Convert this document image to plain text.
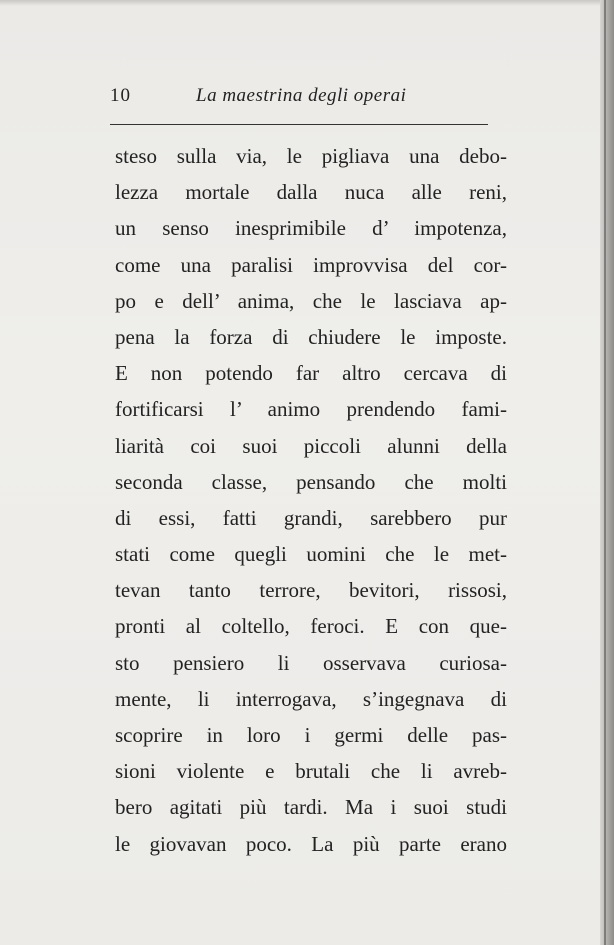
10	La maestrina degli operai
steso sulla via, le pigliava una debo-
lezza mortale dalla nuca alle reni,
un senso inesprimibile d’ impotenza,
come una paralisi improvvisa del cor-
po e dell’ anima, che le lasciava ap-
pena la forza di chiudere le imposte.
E non potendo far altro cercava di
fortificarsi l’ animo prendendo fami-
liarità coi suoi piccoli alunni della
seconda classe, pensando che molti
di essi, fatti grandi, sarebbero pur
stati come quegli uomini che le met-
tevan tanto terrore, bevitori, rissosi,
pronti al coltello, feroci. E con que-
sto pensiero li osservava curiosa-
mente, li interrogava, s’ingegnava di
scoprire in loro i germi delle pas-
sioni violente e brutali che li avreb-
bero agitati più tardi. Ma i suoi studi
le giovavan poco. La più parte erano
